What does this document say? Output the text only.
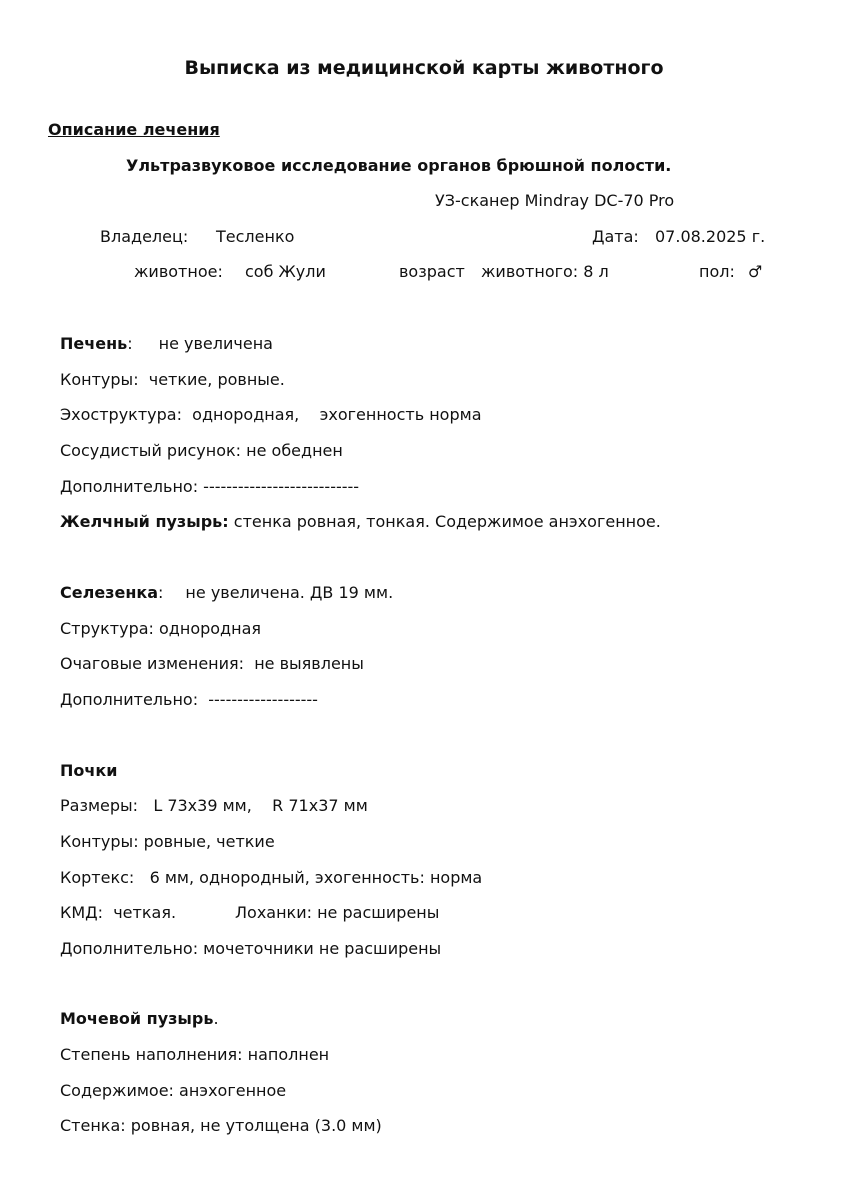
Выписка из медицинской карты животного
Описание лечения
Ультразвуковое исследование органов брюшной полости.
УЗ-сканер Mindray DC-70 Pro
Владелец: Тесленко	Дата: 07.08.2025 г.
животное: соб Жули	возраст животного: 8 л	пол: ♂
Печень: не увеличена
Контуры:  четкие, ровные.
Эхоструктура:  однородная,    эхогенность норма
Сосудистый рисунок: не обеднен
Дополнительно: ---------------------------
Желчный пузырь: стенка ровная, тонкая. Содержимое анэхогенное.
Селезенка: не увеличена. ДВ 19 мм.
Структура: однородная
Очаговые изменения:  не выявлены
Дополнительно:  -------------------
Почки
Размеры:   L 73x39 мм,    R 71x37 мм
Контуры: ровные, четкие
Кортекс:   6 мм, однородный, эхогенность: норма
КМД:  четкая.	Лоханки: не расширены
Дополнительно: мочеточники не расширены
Мочевой пузырь.
Степень наполнения: наполнен
Содержимое: анэхогенное
Стенка: ровная, не утолщена (3.0 мм)
